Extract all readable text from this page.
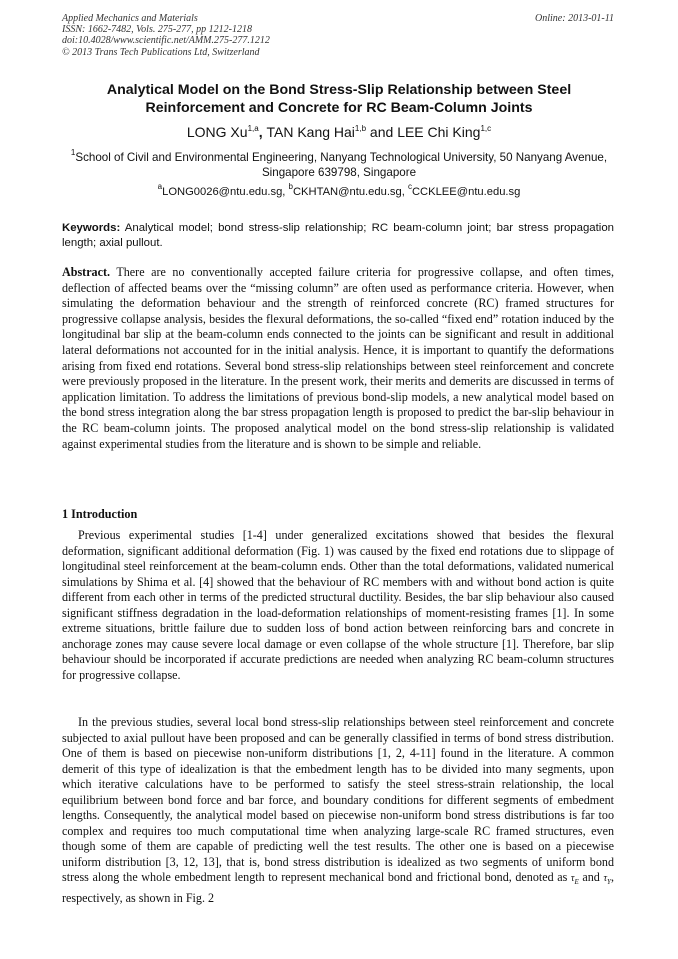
Applied Mechanics and Materials
ISSN: 1662-7482, Vols. 275-277, pp 1212-1218
doi:10.4028/www.scientific.net/AMM.275-277.1212
© 2013 Trans Tech Publications Ltd, Switzerland
Online: 2013-01-11
Analytical Model on the Bond Stress-Slip Relationship between Steel Reinforcement and Concrete for RC Beam-Column Joints
LONG Xu$^{1,a}$, TAN Kang Hai$^{1,b}$ and LEE Chi King$^{1,c}$
$^1$School of Civil and Environmental Engineering, Nanyang Technological University, 50 Nanyang Avenue, Singapore 639798, Singapore
$^a$LONG0026@ntu.edu.sg, $^b$CKHTAN@ntu.edu.sg, $^c$CCKLEE@ntu.edu.sg
Keywords: Analytical model; bond stress-slip relationship; RC beam-column joint; bar stress propagation length; axial pullout.
Abstract. There are no conventionally accepted failure criteria for progressive collapse, and often times, deflection of affected beams over the “missing column” are often used as performance criteria. However, when simulating the deformation behaviour and the strength of reinforced concrete (RC) framed structures for progressive collapse analysis, besides the flexural deformations, the so-called “fixed end” rotation induced by the longitudinal bar slip at the beam-column ends connected to the joints can be significant and result in additional lateral deformations not accounted for in the initial analysis. Hence, it is important to quantify the deformations arising from fixed end rotations. Several bond stress-slip relationships between steel reinforcement and concrete were previously proposed in the literature. In the present work, their merits and demerits are discussed in terms of application limitation. To address the limitations of previous bond-slip models, a new analytical model based on the bond stress integration along the bar stress propagation length is proposed to predict the bar-slip behaviour in the RC beam-column joints. The proposed analytical model on the bond stress-slip relationship is validated against experimental studies from the literature and is shown to be simple and reliable.
1 Introduction
Previous experimental studies [1-4] under generalized excitations showed that besides the flexural deformation, significant additional deformation (Fig. 1) was caused by the fixed end rotations due to slippage of longitudinal steel reinforcement at the beam-column ends. Other than the total deformations, validated numerical simulations by Shima et al. [4] showed that the behaviour of RC members with and without bond action is quite different from each other in terms of the predicted structural ductility. Besides, the bar slip behaviour also caused significant stiffness degradation in the load-deformation relationships of moment-resisting frames [1]. In some extreme situations, brittle failure due to sudden loss of bond action between reinforcing bars and concrete in anchorage zones may cause severe local damage or even collapse of the whole structure [1]. Therefore, bar slip behaviour should be incorporated if accurate predictions are needed when analyzing RC beam-column structures for progressive collapse.
In the previous studies, several local bond stress-slip relationships between steel reinforcement and concrete subjected to axial pullout have been proposed and can be generally classified in terms of bond stress distribution. One of them is based on piecewise non-uniform distributions [1, 2, 4-11] found in the literature. A common demerit of this type of idealization is that the embedment length has to be divided into many segments, upon which iterative calculations have to be performed to satisfy the steel stress-strain relationship, the local equilibrium between bond force and bar force, and boundary conditions for different segments of embedment lengths. Consequently, the analytical model based on piecewise non-uniform bond stress distributions is far too complex and requires too much computational time when analyzing large-scale RC framed structures, even though some of them are capable of predicting well the test results. The other one is based on a piecewise uniform distribution [3, 12, 13], that is, bond stress distribution is idealized as two segments of uniform bond stress along the whole embedment length to represent mechanical bond and frictional bond, denoted as $\tau_E$ and $\tau_Y$, respectively, as shown in Fig. 2
